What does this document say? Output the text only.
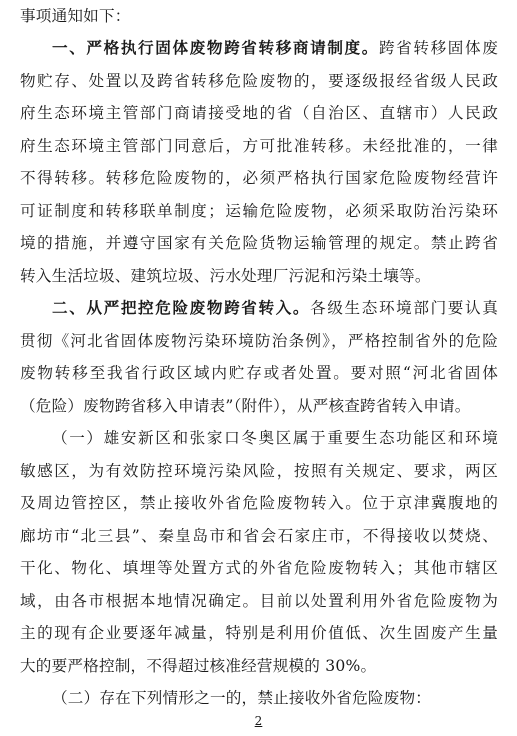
事项通知如下：
一、严格执行固体废物跨省转移商请制度。跨省转移固体废
物贮存、处置以及跨省转移危险废物的，要逐级报经省级人民政
府生态环境主管部门商请接受地的省（自治区、直辖市）人民政
府生态环境主管部门同意后，方可批准转移。未经批准的，一律
不得转移。转移危险废物的，必须严格执行国家危险废物经营许
可证制度和转移联单制度；运输危险废物，必须采取防治污染环
境的措施，并遵守国家有关危险货物运输管理的规定。禁止跨省
转入生活垃圾、建筑垃圾、污水处理厂污泥和污染土壤等。
二、从严把控危险废物跨省转入。各级生态环境部门要认真
贯彻《河北省固体废物污染环境防治条例》，严格控制省外的危险
废物转移至我省行政区域内贮存或者处置。要对照“河北省固体
（危险）废物跨省移入申请表”（附件），从严核查跨省转入申请。
（一）雄安新区和张家口冬奥区属于重要生态功能区和环境
敏感区，为有效防控环境污染风险，按照有关规定、要求，两区
及周边管控区，禁止接收外省危险废物转入。位于京津冀腹地的
廊坊市“北三县”、秦皇岛市和省会石家庄市，不得接收以焚烧、
干化、物化、填埋等处置方式的外省危险废物转入；其他市辖区
域，由各市根据本地情况确定。目前以处置利用外省危险废物为
主的现有企业要逐年减量，特别是利用价值低、次生固废产生量
大的要严格控制，不得超过核准经营规模的 30%。
（二）存在下列情形之一的，禁止接收外省危险废物：
2
